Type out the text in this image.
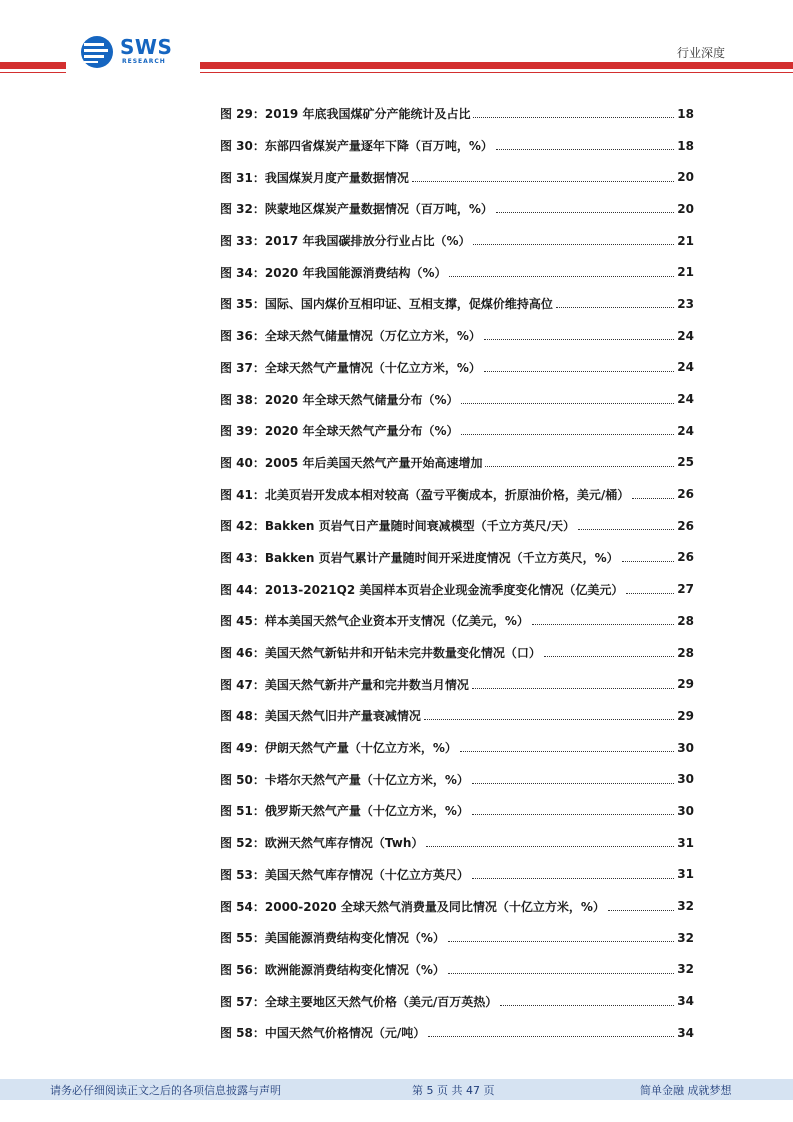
SWS
RESEARCH
行业深度
图 29：2019 年底我国煤矿分产能统计及占比	18
图 30：东部四省煤炭产量逐年下降（百万吨，%）	18
图 31：我国煤炭月度产量数据情况	20
图 32：陕蒙地区煤炭产量数据情况（百万吨，%）	20
图 33：2017 年我国碳排放分行业占比（%）	21
图 34：2020 年我国能源消费结构（%）	21
图 35：国际、国内煤价互相印证、互相支撑，促煤价维持高位	23
图 36：全球天然气储量情况（万亿立方米，%）	24
图 37：全球天然气产量情况（十亿立方米，%）	24
图 38：2020 年全球天然气储量分布（%）	24
图 39：2020 年全球天然气产量分布（%）	24
图 40：2005 年后美国天然气产量开始高速增加	25
图 41：北美页岩开发成本相对较高（盈亏平衡成本，折原油价格，美元/桶）	26
图 42：Bakken 页岩气日产量随时间衰减模型（千立方英尺/天）	26
图 43：Bakken 页岩气累计产量随时间开采进度情况（千立方英尺，%）	26
图 44：2013-2021Q2 美国样本页岩企业现金流季度变化情况（亿美元）	27
图 45：样本美国天然气企业资本开支情况（亿美元，%）	28
图 46：美国天然气新钻井和开钻未完井数量变化情况（口）	28
图 47：美国天然气新井产量和完井数当月情况	29
图 48：美国天然气旧井产量衰减情况	29
图 49：伊朗天然气产量（十亿立方米，%）	30
图 50：卡塔尔天然气产量（十亿立方米，%）	30
图 51：俄罗斯天然气产量（十亿立方米，%）	30
图 52：欧洲天然气库存情况（Twh）	31
图 53：美国天然气库存情况（十亿立方英尺）	31
图 54：2000-2020 全球天然气消费量及同比情况（十亿立方米，%）	32
图 55：美国能源消费结构变化情况（%）	32
图 56：欧洲能源消费结构变化情况（%）	32
图 57：全球主要地区天然气价格（美元/百万英热）	34
图 58：中国天然气价格情况（元/吨）	34
请务必仔细阅读正文之后的各项信息披露与声明	第 5 页 共 47 页	简单金融 成就梦想
